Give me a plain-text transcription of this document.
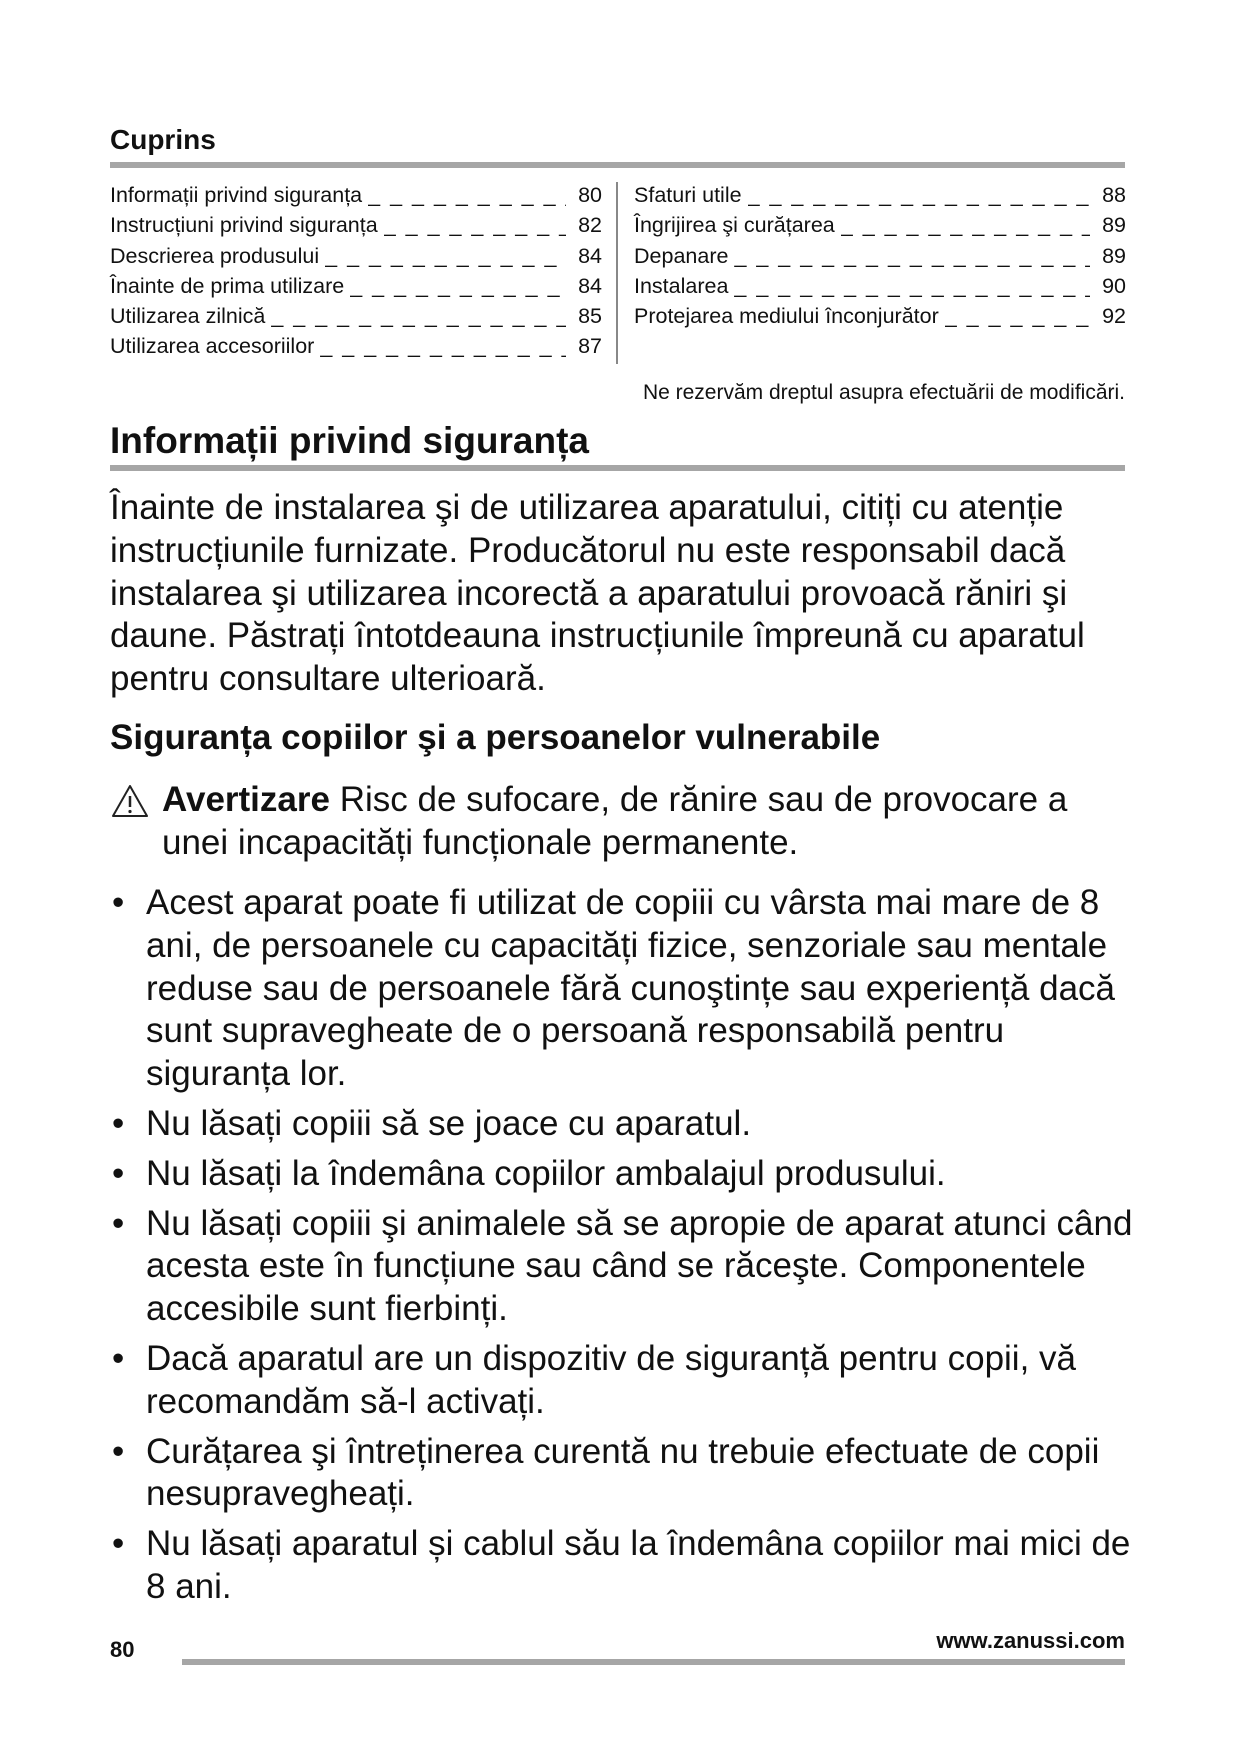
Cuprins
Informații privind siguranța _ _ _	80
Instrucțiuni privind siguranța _ _ _	82
Descrierea produsului _ _ _	84
Înainte de prima utilizare _ _ _	84
Utilizarea zilnică _ _ _	85
Utilizarea accesoriilor _ _ _	87
Sfaturi utile _ _ _	88
Îngrijirea şi curățarea _ _ _	89
Depanare _ _ _	89
Instalarea _ _ _	90
Protejarea mediului înconjurător _ _ _	92
Ne rezervăm dreptul asupra efectuării de modificări.
Informații privind siguranța
Înainte de instalarea şi de utilizarea aparatului, citiți cu atenție instrucțiunile furnizate. Producătorul nu este responsabil dacă instalarea şi utilizarea incorectă a aparatului provoacă răniri şi daune. Păstrați întotdeauna instrucțiunile împreună cu aparatul pentru consultare ulterioară.
Siguranța copiilor şi a persoanelor vulnerabile
Avertizare Risc de sufocare, de rănire sau de provocare a unei incapacități funcționale permanente.
• Acest aparat poate fi utilizat de copiii cu vârsta mai mare de 8 ani, de persoanele cu capacități fizice, senzoriale sau mentale reduse sau de persoanele fără cunoştințe sau experiență dacă sunt supravegheate de o persoană responsabilă pentru siguranța lor.
• Nu lăsați copiii să se joace cu aparatul.
• Nu lăsați la îndemâna copiilor ambalajul produsului.
• Nu lăsați copiii şi animalele să se apropie de aparat atunci când acesta este în funcțiune sau când se răceşte. Componentele accesibile sunt fierbinți.
• Dacă aparatul are un dispozitiv de siguranță pentru copii, vă recomandăm să-l activați.
• Curățarea şi întreținerea curentă nu trebuie efectuate de copii nesupravegheați.
• Nu lăsați aparatul și cablul său la îndemâna copiilor mai mici de 8 ani.
80	www.zanussi.com
